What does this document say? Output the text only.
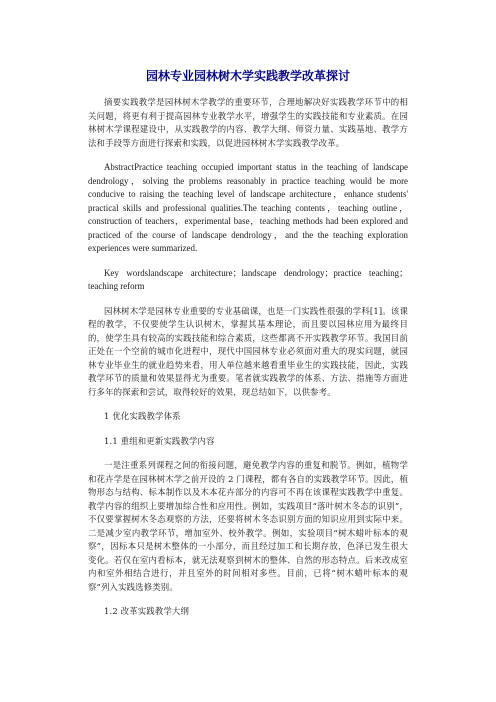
园林专业园林树木学实践教学改革探讨

摘要实践教学是园林树木学教学的重要环节，合理地解决好实践教学环节中的相关问题，将更有利于提高园林专业教学水平，增强学生的实践技能和专业素质。在园林树木学课程建设中，从实践教学的内容、教学大纲、师资力量、实践基地、教学方法和手段等方面进行探索和实践，以促进园林树木学实践教学改革。

AbstractPractice teaching occupied important status in the teaching of landscape dendrology，solving the problems reasonably in practice teaching would be more conducive to raising the teaching level of landscape architecture，enhance students' practical skills and professional qualities.The teaching contents，teaching outline，construction of teachers，experimental base，teaching methods had been explored and practiced of the course of landscape dendrology，and the the teaching exploration experiences were summarized.

Key wordslandscape architecture；landscape dendrology；practice teaching；teaching reform

园林树木学是园林专业重要的专业基础课，也是一门实践性很强的学科[1]。该课程的教学，不仅要使学生认识树木，掌握其基本理论，而且要以园林应用为最终目的，使学生具有较高的实践技能和综合素质，这些都离不开实践教学环节。我国目前正处在一个空前的城市化进程中，现代中国园林专业必须面对重大的现实问题，就园林专业毕业生的就业趋势来看，用人单位越来越看重毕业生的实践技能，因此，实践教学环节的质量和效果显得尤为重要。笔者就实践教学的体系、方法、措施等方面进行多年的探索和尝试，取得较好的效果，现总结如下，以供参考。

1 优化实践教学体系

1.1 重组和更新实践教学内容

一是注重系列课程之间的衔接问题，避免教学内容的重复和脱节。例如，植物学和花卉学是在园林树木学之前开设的 2 门课程，都有各自的实践教学环节。因此，植物形态与结构、标本制作以及木本花卉部分的内容可不再在该课程实践教学中重复。教学内容的组织上要增加综合性和应用性。例如，实践项目“落叶树木冬态的识别”，不仅要掌握树木冬态观察的方法，还要将树木冬态识别方面的知识应用到实际中来。二是减少室内教学环节，增加室外、校外教学。例如，实验项目“树木蜡叶标本的观察”，因标本只是树木整体的一小部分，而且经过加工和长期存放，色泽已发生很大变化。若仅在室内看标本，就无法观察到树木的整体、自然的形态特点。后来改成室内和室外相结合进行，并且室外的时间相对多些。目前，已将“树木蜡叶标本的观察”列入实践选修类别。

1.2 改革实践教学大纲
